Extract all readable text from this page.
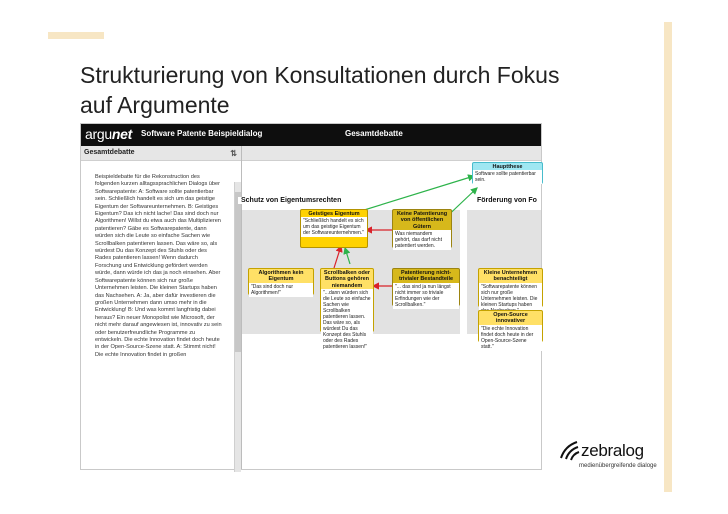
Strukturierung von Konsultationen durch Fokus
auf Argumente
argunet Software Patente Beispieldialog	Gesamtdebatte
Gesamtdebatte	⇅
Beispieldebatte für die Rekonstruction des folgenden kurzen alltagssprachlichen Dialogs über Softwarepatente: A: Software sollte patentierbar sein. Schließlich handelt es sich um das geistige Eigentum der Softwareunternehmen. B: Geistiges Eigentum? Das ich nicht lache! Das sind doch nur Algorithmen! Willst du etwa auch das Multiplizieren patentieren? Gäbe es Softwarepatente, dann würden sich die Leute so einfache Sachen wie Scrollbalken patentieren lassen. Das wäre so, als würdest Du das Konzept des Stuhls oder des Rades patentieren lassen! Wenn dadurch Forschung und Entwicklung gefördert werden würde, dann würde ich das ja noch einsehen. Aber Softwarepatente können sich nur große Unternehmen leisten. Die kleinen Startups haben das Nachsehen. A: Ja, aber dafür investieren die großen Unternehmen dann umso mehr in die Entwicklung! B: Und was kommt langfristig dabei heraus? Ein neuer Monopolist wie Microsoft, der nicht mehr darauf angewiesen ist, innovativ zu sein oder benutzerfreundliche Programme zu entwickeln. Die echte Innovation findet doch heute in der Open-Source-Szene statt. A: Stimmt nicht! Die echte Innovation findet in großen
Schutz von Eigentumsrechten	Förderung von Fo
Hauptthese
Software sollte patentierbar sein.
Geistiges Eigentum
"Schließlich handelt es sich um das geistige Eigentum der Softwareunternehmen."
Keine Patentierung von öffentlichen Gütern
Was niemandem gehört, das darf nicht patentiert werden.
Algorithmen kein Eigentum
"Das sind doch nur Algorithmen!"
Scrollbalken oder Buttons gehören niemandem
"...dann würden sich die Leute so einfache Sachen wie Scrollbalken patentieren lassen. Das wäre so, als würdest Du das Konzept des Stuhls oder des Rades patentieren lassen!"
Patentierung nicht-trivialer Bestandteile
"... das sind ja nun längst nicht immer so triviale Erfindungen wie der Scrollbalken."
Kleine Unternehmen benachteiligt
"Softwarepatente können sich nur große Unternehmen leisten. Die kleinen Startups haben
Open-Source innovativer
"Die echte Innovation findet doch heute in der Open-Source-Szene statt."
zebralog
medienübergreifende dialoge
